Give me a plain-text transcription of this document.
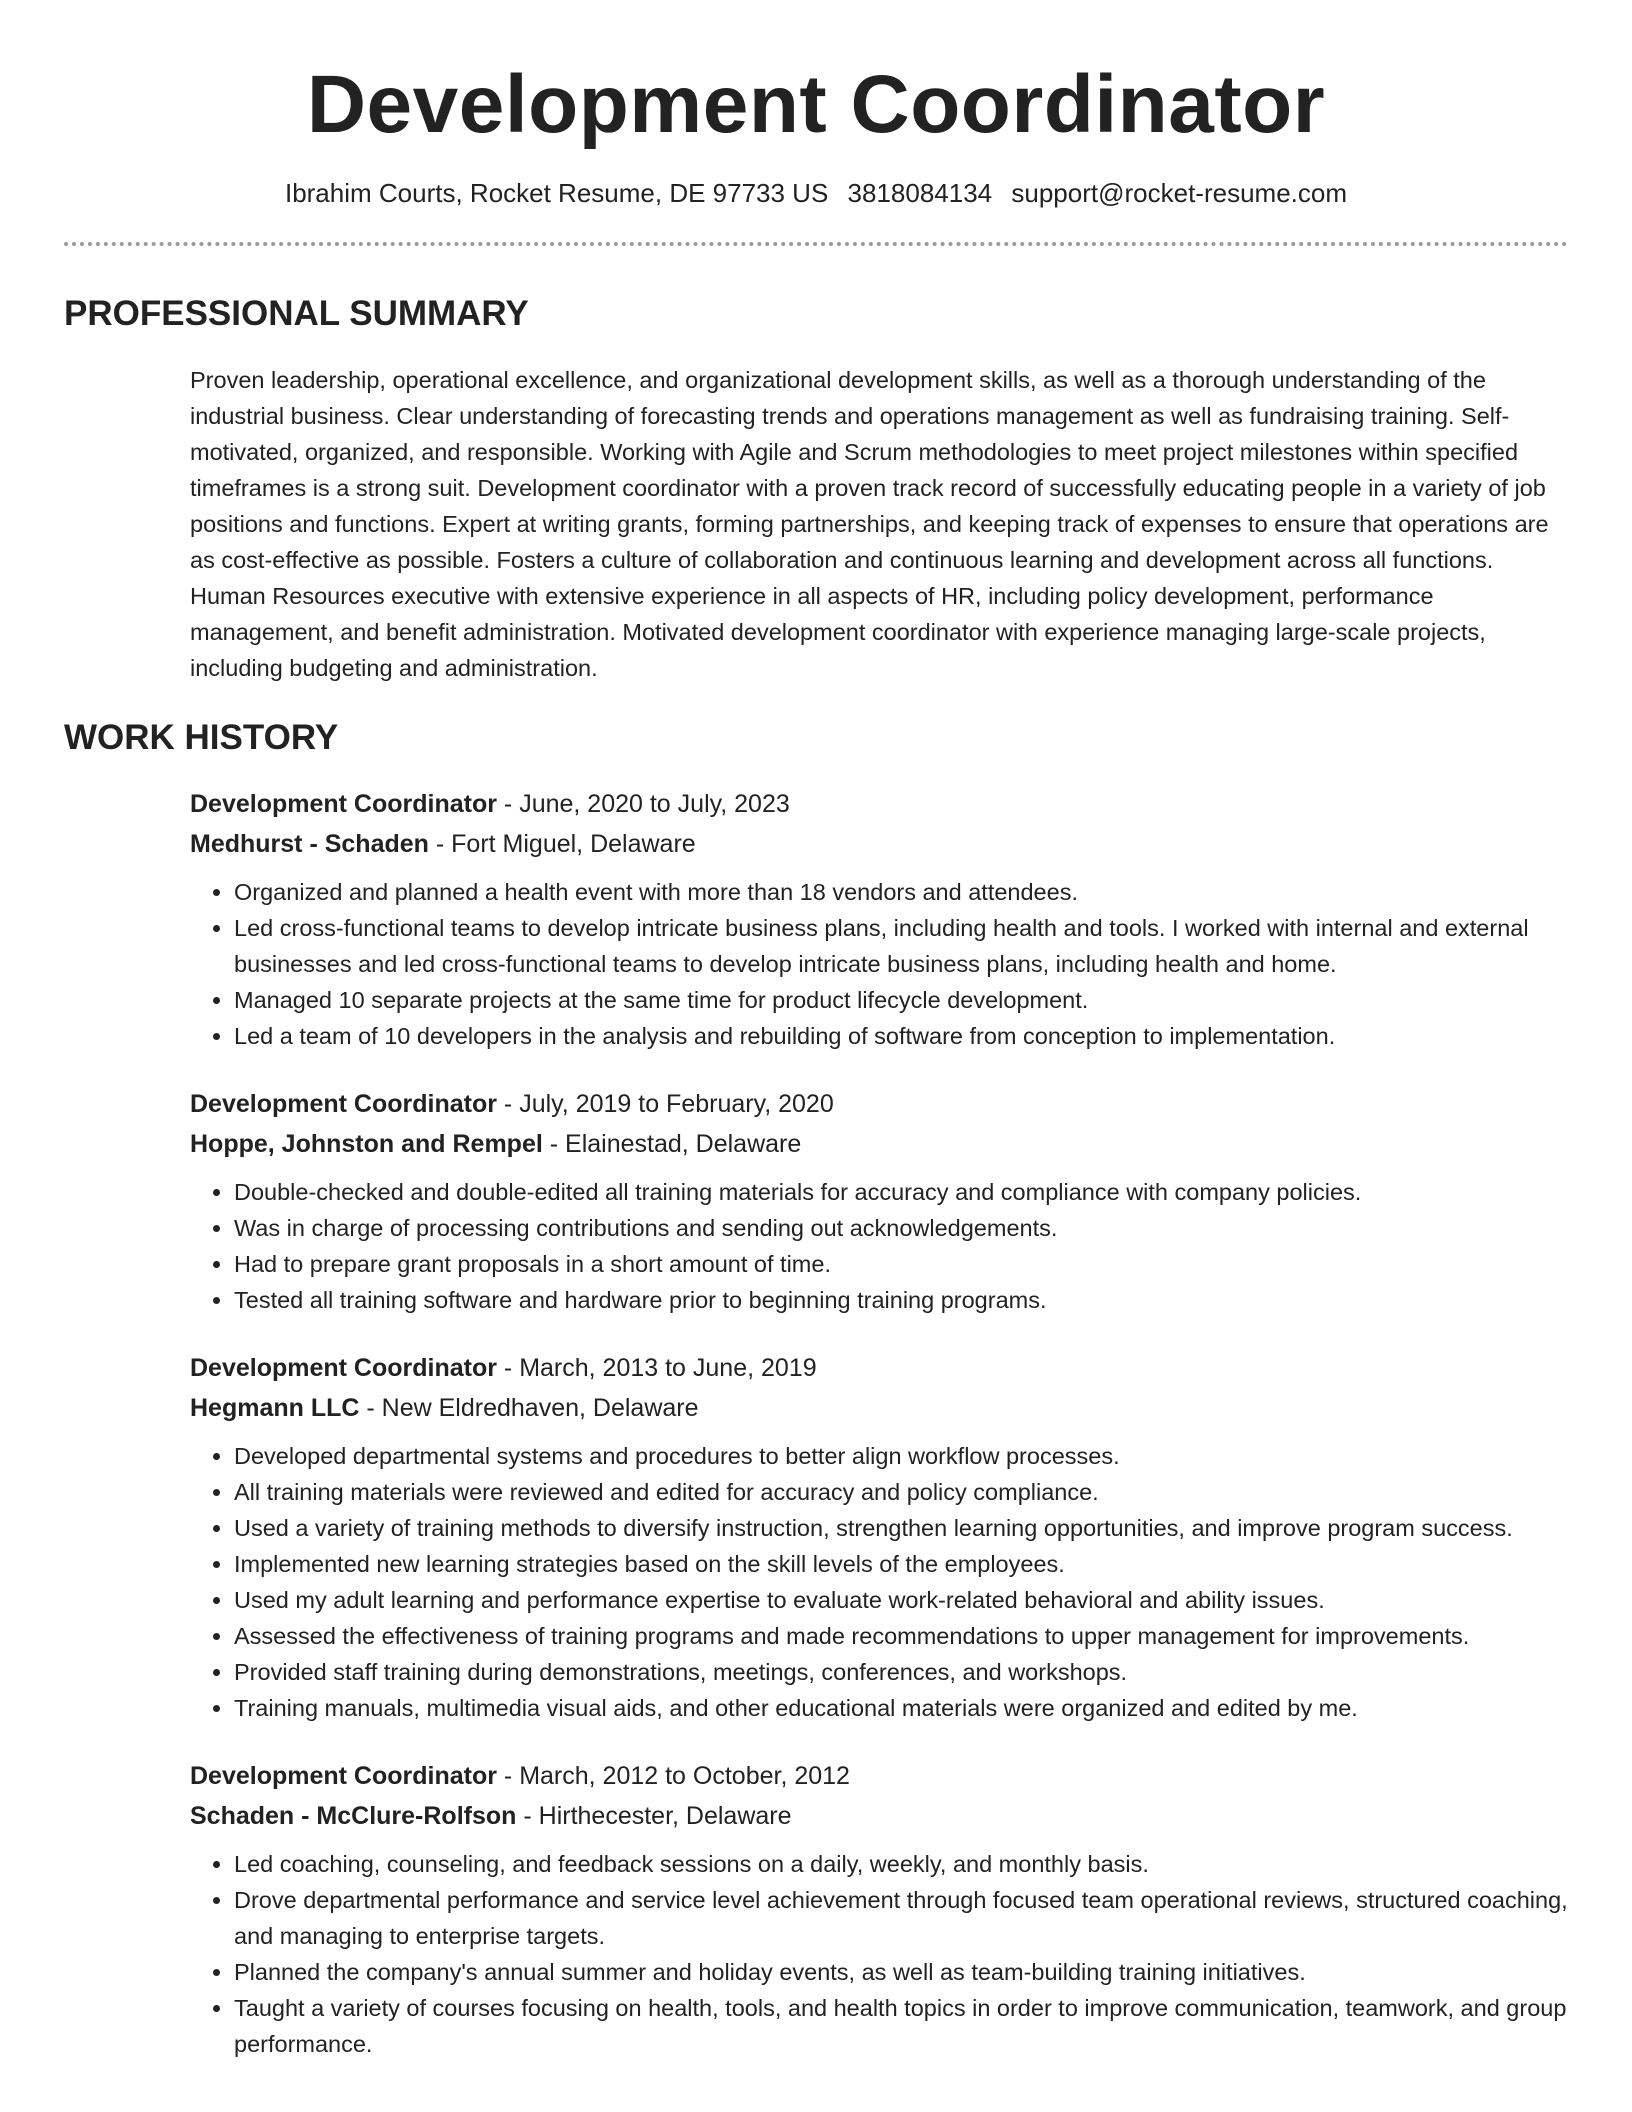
Development Coordinator
Ibrahim Courts, Rocket Resume, DE 97733 US 3818084134 support@rocket-resume.com
PROFESSIONAL SUMMARY

Proven leadership, operational excellence, and organizational development skills, as well as a thorough understanding of the industrial business. Clear understanding of forecasting trends and operations management as well as fundraising training. Self-motivated, organized, and responsible. Working with Agile and Scrum methodologies to meet project milestones within specified timeframes is a strong suit. Development coordinator with a proven track record of successfully educating people in a variety of job positions and functions. Expert at writing grants, forming partnerships, and keeping track of expenses to ensure that operations are as cost-effective as possible. Fosters a culture of collaboration and continuous learning and development across all functions. Human Resources executive with extensive experience in all aspects of HR, including policy development, performance management, and benefit administration. Motivated development coordinator with experience managing large-scale projects, including budgeting and administration.

WORK HISTORY
Development Coordinator - June, 2020 to July, 2023
Medhurst - Schaden - Fort Miguel, Delaware
• Organized and planned a health event with more than 18 vendors and attendees.
• Led cross-functional teams to develop intricate business plans, including health and tools. I worked with internal and external businesses and led cross-functional teams to develop intricate business plans, including health and home.
• Managed 10 separate projects at the same time for product lifecycle development.
• Led a team of 10 developers in the analysis and rebuilding of software from conception to implementation.
Development Coordinator - July, 2019 to February, 2020
Hoppe, Johnston and Rempel - Elainestad, Delaware
• Double-checked and double-edited all training materials for accuracy and compliance with company policies.
• Was in charge of processing contributions and sending out acknowledgements.
• Had to prepare grant proposals in a short amount of time.
• Tested all training software and hardware prior to beginning training programs.
Development Coordinator - March, 2013 to June, 2019
Hegmann LLC - New Eldredhaven, Delaware
• Developed departmental systems and procedures to better align workflow processes.
• All training materials were reviewed and edited for accuracy and policy compliance.
• Used a variety of training methods to diversify instruction, strengthen learning opportunities, and improve program success.
• Implemented new learning strategies based on the skill levels of the employees.
• Used my adult learning and performance expertise to evaluate work-related behavioral and ability issues.
• Assessed the effectiveness of training programs and made recommendations to upper management for improvements.
• Provided staff training during demonstrations, meetings, conferences, and workshops.
• Training manuals, multimedia visual aids, and other educational materials were organized and edited by me.
Development Coordinator - March, 2012 to October, 2012
Schaden - McClure-Rolfson - Hirthecester, Delaware
• Led coaching, counseling, and feedback sessions on a daily, weekly, and monthly basis.
• Drove departmental performance and service level achievement through focused team operational reviews, structured coaching, and managing to enterprise targets.
• Planned the company's annual summer and holiday events, as well as team-building training initiatives.
• Taught a variety of courses focusing on health, tools, and health topics in order to improve communication, teamwork, and group performance.
